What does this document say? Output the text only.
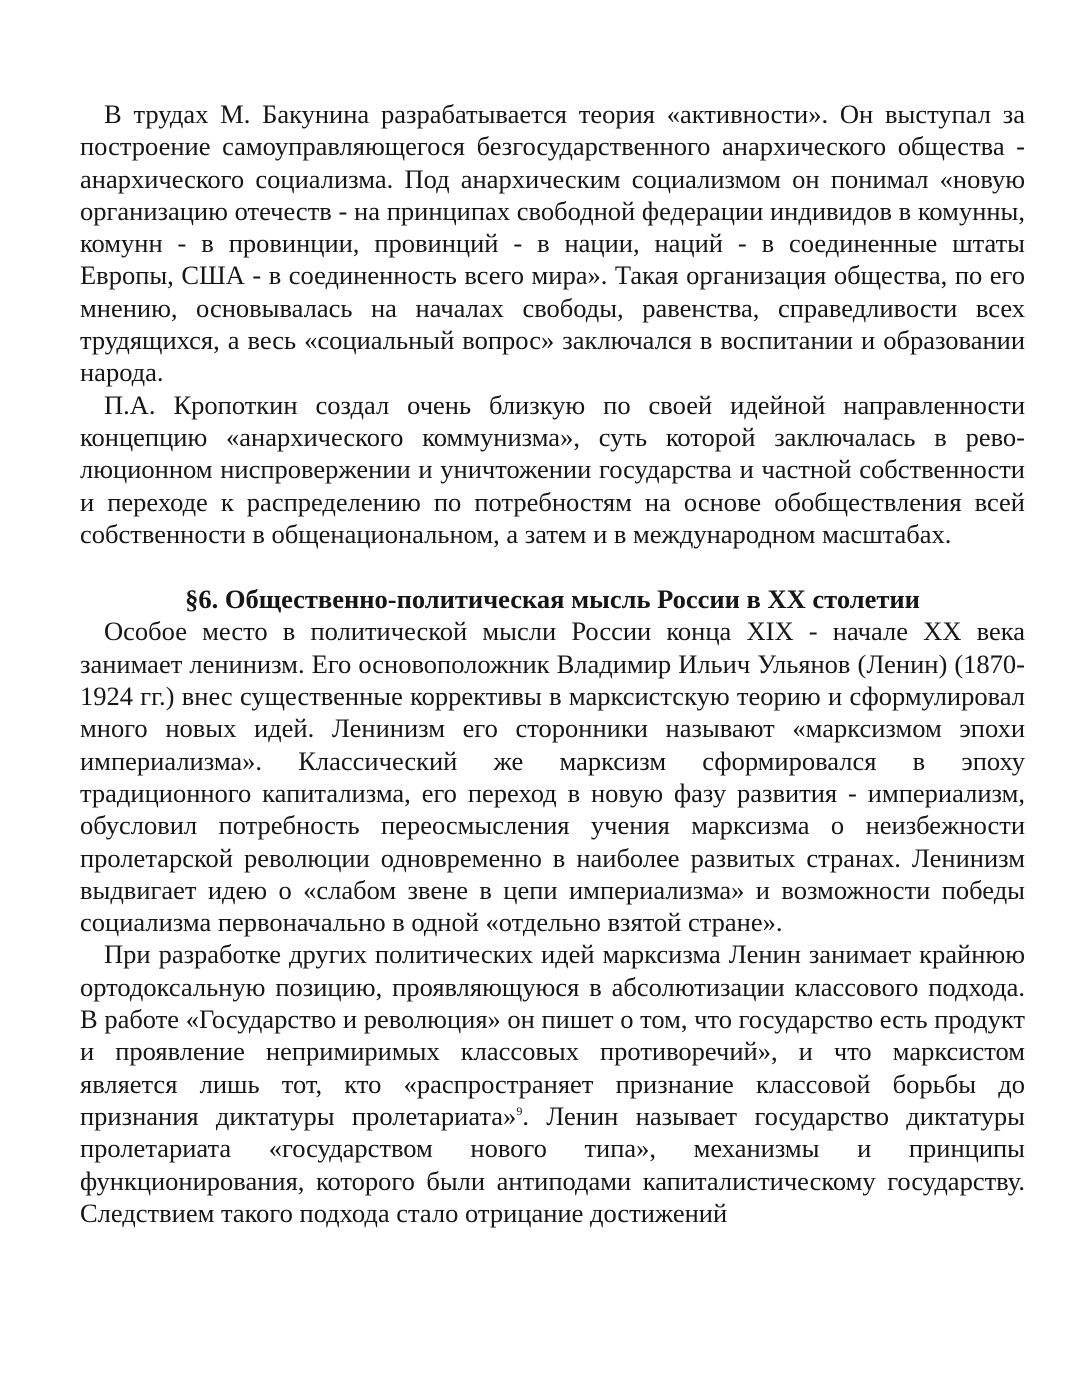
В трудах М. Бакунина разрабатывается теория «активности». Он выступал за построение самоуправляющегося безгосударственного анархического общества - анархического социализма. Под анархическим социализмом он понимал «новую организацию отечеств - на принципах свободной федерации индивидов в комунны, комунн - в провинции, провинций - в нации, наций - в соединенные штаты Европы, США - в соединенность всего мира». Такая организация общества, по его мнению, основывалась на началах свободы, равенства, справедливости всех трудящихся, а весь «социальный вопрос» заключался в воспитании и образовании народа.

П.А. Кропоткин создал очень близкую по своей идейной направленности концепцию «анархического коммунизма», суть которой заключалась в революционном ниспровержении и уничтожении государства и частной собственности и переходе к распределению по потребностям на основе обобществления всей собственности в общенациональном, а затем и в международном масштабах.

§6. Общественно-политическая мысль России в XX столетии

Особое место в политической мысли России конца XIX - начале XX века занимает ленинизм. Его основоположник Владимир Ильич Ульянов (Ленин) (1870-1924 гг.) внес существенные коррективы в марксистскую теорию и сформулировал много новых идей. Ленинизм его сторонники называют «марксизмом эпохи империализма». Классический же марксизм сформировался в эпоху традиционного капитализма, его переход в новую фазу развития - империализм, обусловил потребность переосмысления учения марксизма о неизбежности пролетарской революции одновременно в наиболее развитых странах. Ленинизм выдвигает идею о «слабом звене в цепи империализма» и возможности победы социализма первоначально в одной «отдельно взятой стране».

При разработке других политических идей марксизма Ленин занимает крайнюю ортодоксальную позицию, проявляющуюся в абсолютизации классового подхода. В работе «Государство и революция» он пишет о том, что государство есть продукт и проявление непримиримых классовых противоречий», и что марксистом является лишь тот, кто «распространяет признание классовой борьбы до признания диктатуры пролетариата»$^9$. Ленин называет государство диктатуры пролетариата «государством нового типа», механизмы и принципы функционирования, которого были антиподами капиталистическому государству. Следствием такого подхода стало отрицание достижений
